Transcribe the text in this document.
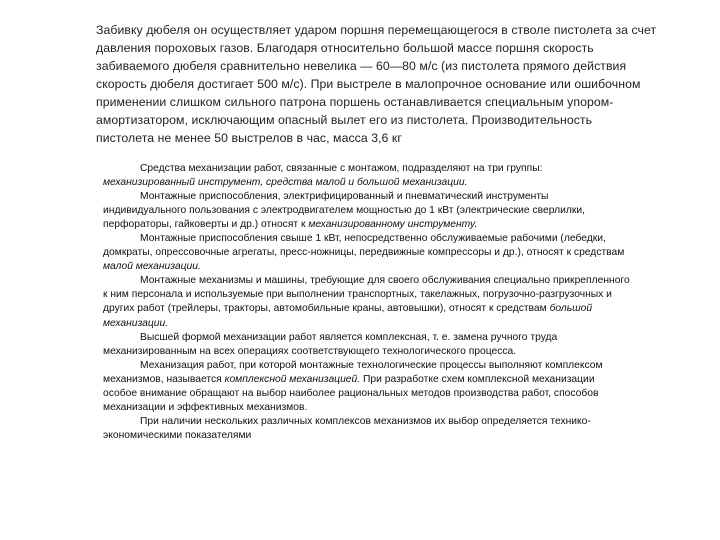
Забивку дюбеля он осуществляет ударом поршня перемещающегося в стволе пистолета за счет
давления пороховых газов. Благодаря относительно большой массе поршня скорость
забиваемого дюбеля сравнительно невелика — 60—80 м/с (из пистолета прямого действия
скорость дюбеля достигает 500 м/с). При выстреле в малопрочное основание или ошибочном
применении слишком сильного патрона поршень останавливается специальным упором-
амортизатором, исключающим опасный вылет его из пистолета. Производительность
пистолета не менее 50 выстрелов в час, масса 3,6 кг
Средства механизации работ, связанные с монтажом, подразделяют на три группы:
механизированный инструмент, средства малой и большой механизации.
Монтажные приспособления, электрифицированный и пневматический инструменты
индивидуального пользования с электродвигателем мощностью до 1 кВт (электрические сверлилки,
перфораторы, гайковерты и др.) относят к механизированному инструменту.
Монтажные приспособления свыше 1 кВт, непосредственно обслуживаемые рабочими (лебедки,
домкраты, опрессовочные агрегаты, пресс-ножницы, передвижные компрессоры и др.), относят к средствам
малой механизации.
Монтажные механизмы и машины, требующие для своего обслуживания специально прикрепленного
к ним персонала и используемые при выполнении транспортных, такелажных, погрузочно-разгрузочных и
других работ (трейлеры, тракторы, автомобильные краны, автовышки), относят к средствам большой
механизации.
Высшей формой механизации работ является комплексная, т. е. замена ручного труда
механизированным на всех операциях соответствующего технологического процесса.
Механизация работ, при которой монтажные технологические процессы выполняют комплексом
механизмов, называется комплексной механизацией. При разработке схем комплексной механизации
особое внимание обращают на выбор наиболее рациональных методов производства работ, способов
механизации и эффективных механизмов.
При наличии нескольких различных комплексов механизмов их выбор определяется технико-
экономическими показателями
